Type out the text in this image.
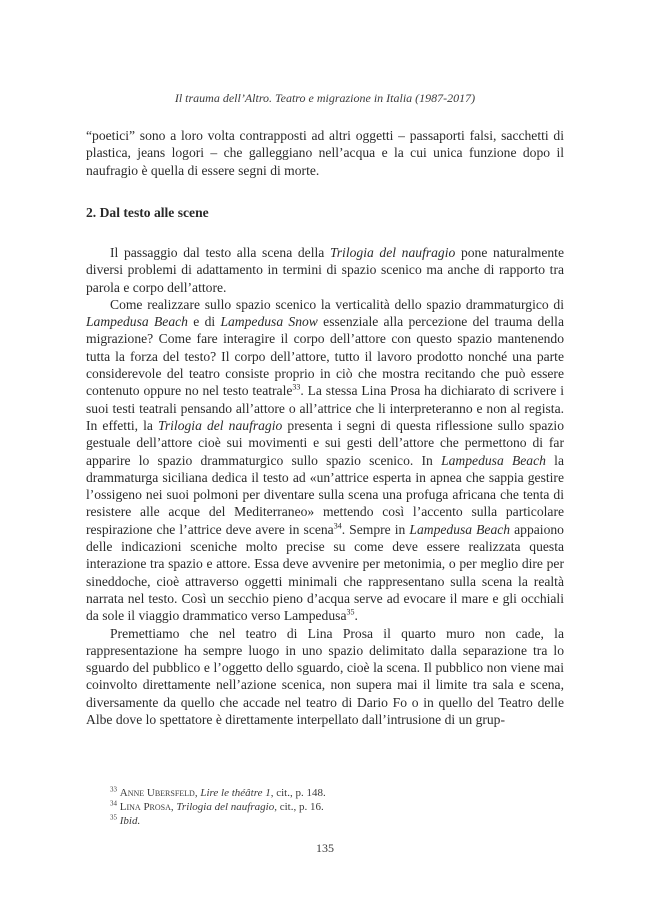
Il trauma dell’Altro. Teatro e migrazione in Italia (1987-2017)

“poetici” sono a loro volta contrapposti ad altri oggetti – passaporti falsi, sacchetti di plastica, jeans logori – che galleggiano nell’acqua e la cui unica funzione dopo il naufragio è quella di essere segni di morte.

2. Dal testo alle scene

Il passaggio dal testo alla scena della Trilogia del naufragio pone naturalmente diversi problemi di adattamento in termini di spazio scenico ma anche di rapporto tra parola e corpo dell’attore.

Come realizzare sullo spazio scenico la verticalità dello spazio drammaturgico di Lampedusa Beach e di Lampedusa Snow essenziale alla percezione del trauma della migrazione? Come fare interagire il corpo dell’attore con questo spazio mantenendo tutta la forza del testo? Il corpo dell’attore, tutto il lavoro prodotto nonché una parte considerevole del teatro consiste proprio in ciò che mostra recitando che può essere contenuto oppure no nel testo teatrale$^{33}$. La stessa Lina Prosa ha dichiarato di scrivere i suoi testi teatrali pensando all’attore o all’attrice che li interpreteranno e non al regista. In effetti, la Trilogia del naufragio presenta i segni di questa riflessione sullo spazio gestuale dell’attore cioè sui movimenti e sui gesti dell’attore che permettono di far apparire lo spazio drammaturgico sullo spazio scenico. In Lampedusa Beach la drammaturga siciliana dedica il testo ad «un’attrice esperta in apnea che sappia gestire l’ossigeno nei suoi polmoni per diventare sulla scena una profuga africana che tenta di resistere alle acque del Mediterraneo» mettendo così l’accento sulla particolare respirazione che l’attrice deve avere in scena$^{34}$. Sempre in Lampedusa Beach appaiono delle indicazioni sceniche molto precise su come deve essere realizzata questa interazione tra spazio e attore. Essa deve avvenire per metonimia, o per meglio dire per sineddoche, cioè attraverso oggetti minimali che rappresentano sulla scena la realtà narrata nel testo. Così un secchio pieno d’acqua serve ad evocare il mare e gli occhiali da sole il viaggio drammatico verso Lampedusa$^{35}$.

Premettiamo che nel teatro di Lina Prosa il quarto muro non cade, la rappresentazione ha sempre luogo in uno spazio delimitato dalla separazione tra lo sguardo del pubblico e l’oggetto dello sguardo, cioè la scena. Il pubblico non viene mai coinvolto direttamente nell’azione scenica, non supera mai il limite tra sala e scena, diversamente da quello che accade nel teatro di Dario Fo o in quello del Teatro delle Albe dove lo spettatore è direttamente interpellato dall’intrusione di un grup-

$^{33}$ Anne Ubersfeld, Lire le théâtre 1, cit., p. 148.

$^{34}$ Lina Prosa, Trilogia del naufragio, cit., p. 16.

$^{35}$ Ibid.

135
